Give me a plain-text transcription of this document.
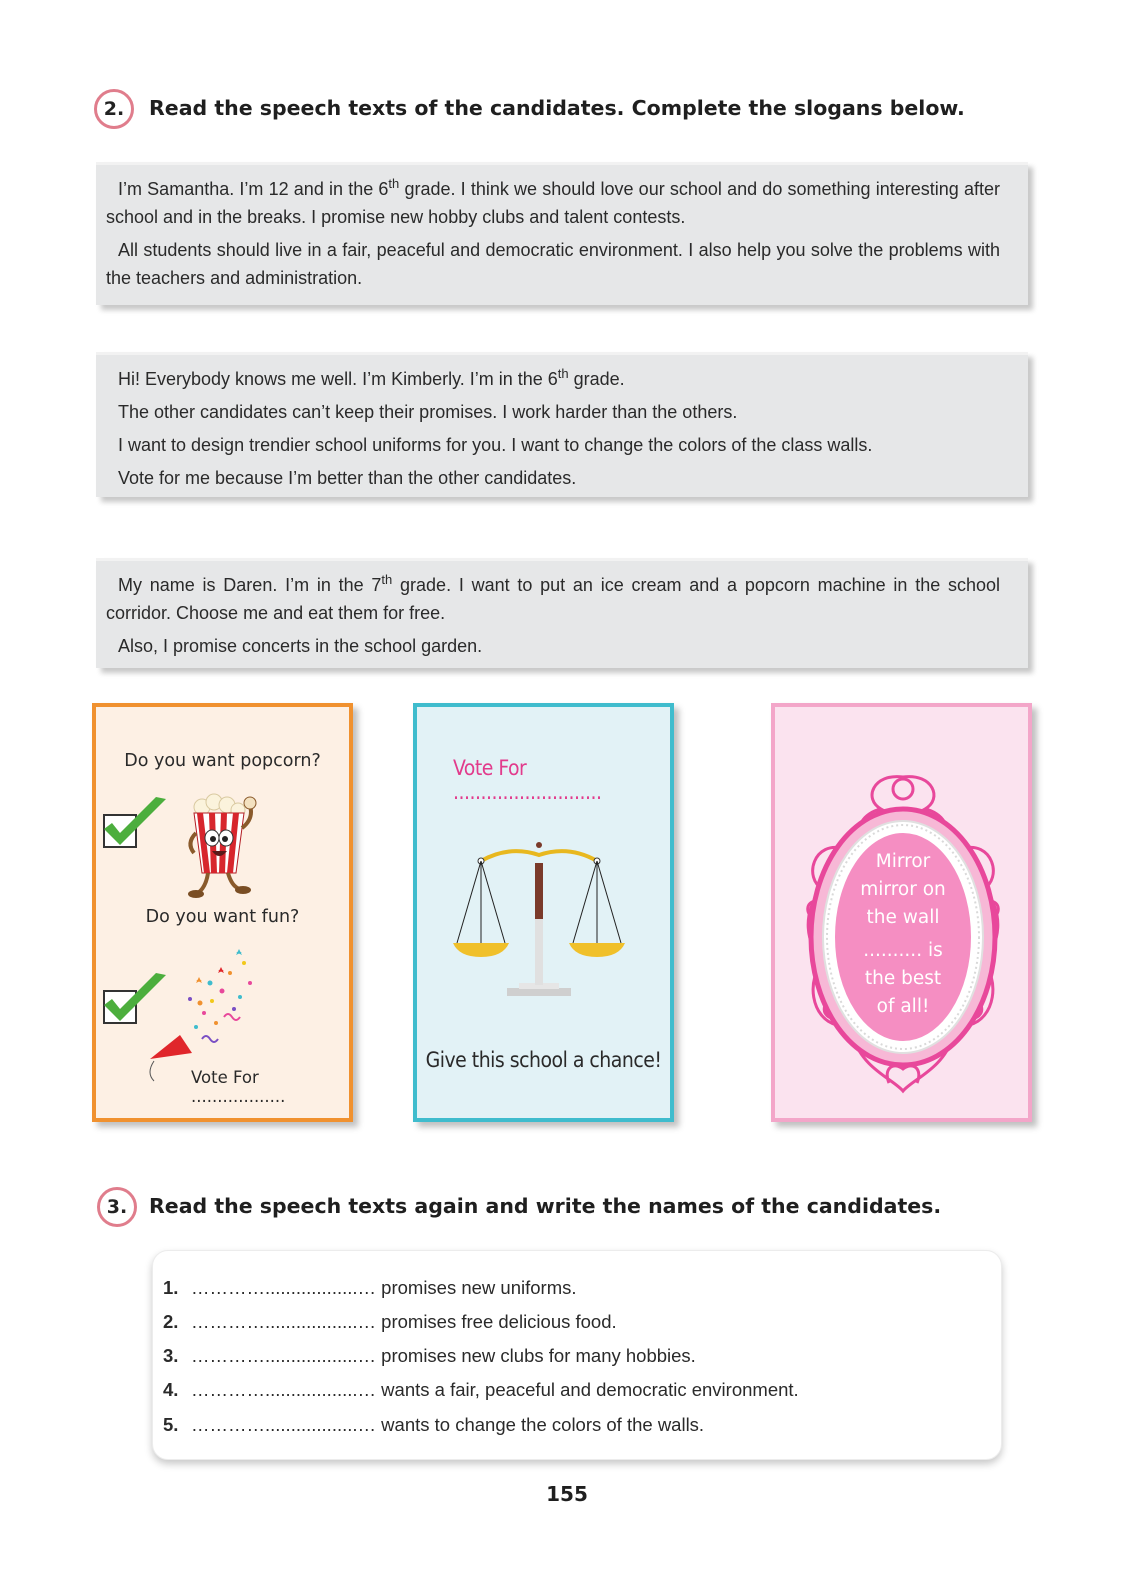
2. Read the speech texts of the candidates. Complete the slogans below.

I’m Samantha. I’m 12 and in the 6th grade. I think we should love our school and do something interesting after school and in the breaks. I promise new hobby clubs and talent contests.

All students should live in a fair, peaceful and democratic environment. I also help you solve the problems with the teachers and administration.

Hi! Everybody knows me well. I’m Kimberly. I’m in the 6th grade.

The other candidates can’t keep their promises. I work harder than the others.

I want to design trendier school uniforms for you. I want to change the colors of the class walls.

Vote for me because I’m better than the other candidates.

My name is Daren. I’m in the 7th grade. I want to put an ice cream and a popcorn machine in the school corridor. Choose me and eat them for free.

Also, I promise concerts in the school garden.

Do you want popcorn?
Do you want fun?
Vote For ..................
Vote For ...........................
Give this school a chance!
Mirror
mirror on
the wall
.......... is
the best
of all!
3. Read the speech texts again and write the names of the candidates.
1. …………..................… promises new uniforms.
2. …………..................… promises free delicious food.
3. …………..................… promises new clubs for many hobbies.
4. …………..................… wants a fair, peaceful and democratic environment.
5. …………..................… wants to change the colors of the walls.
155
